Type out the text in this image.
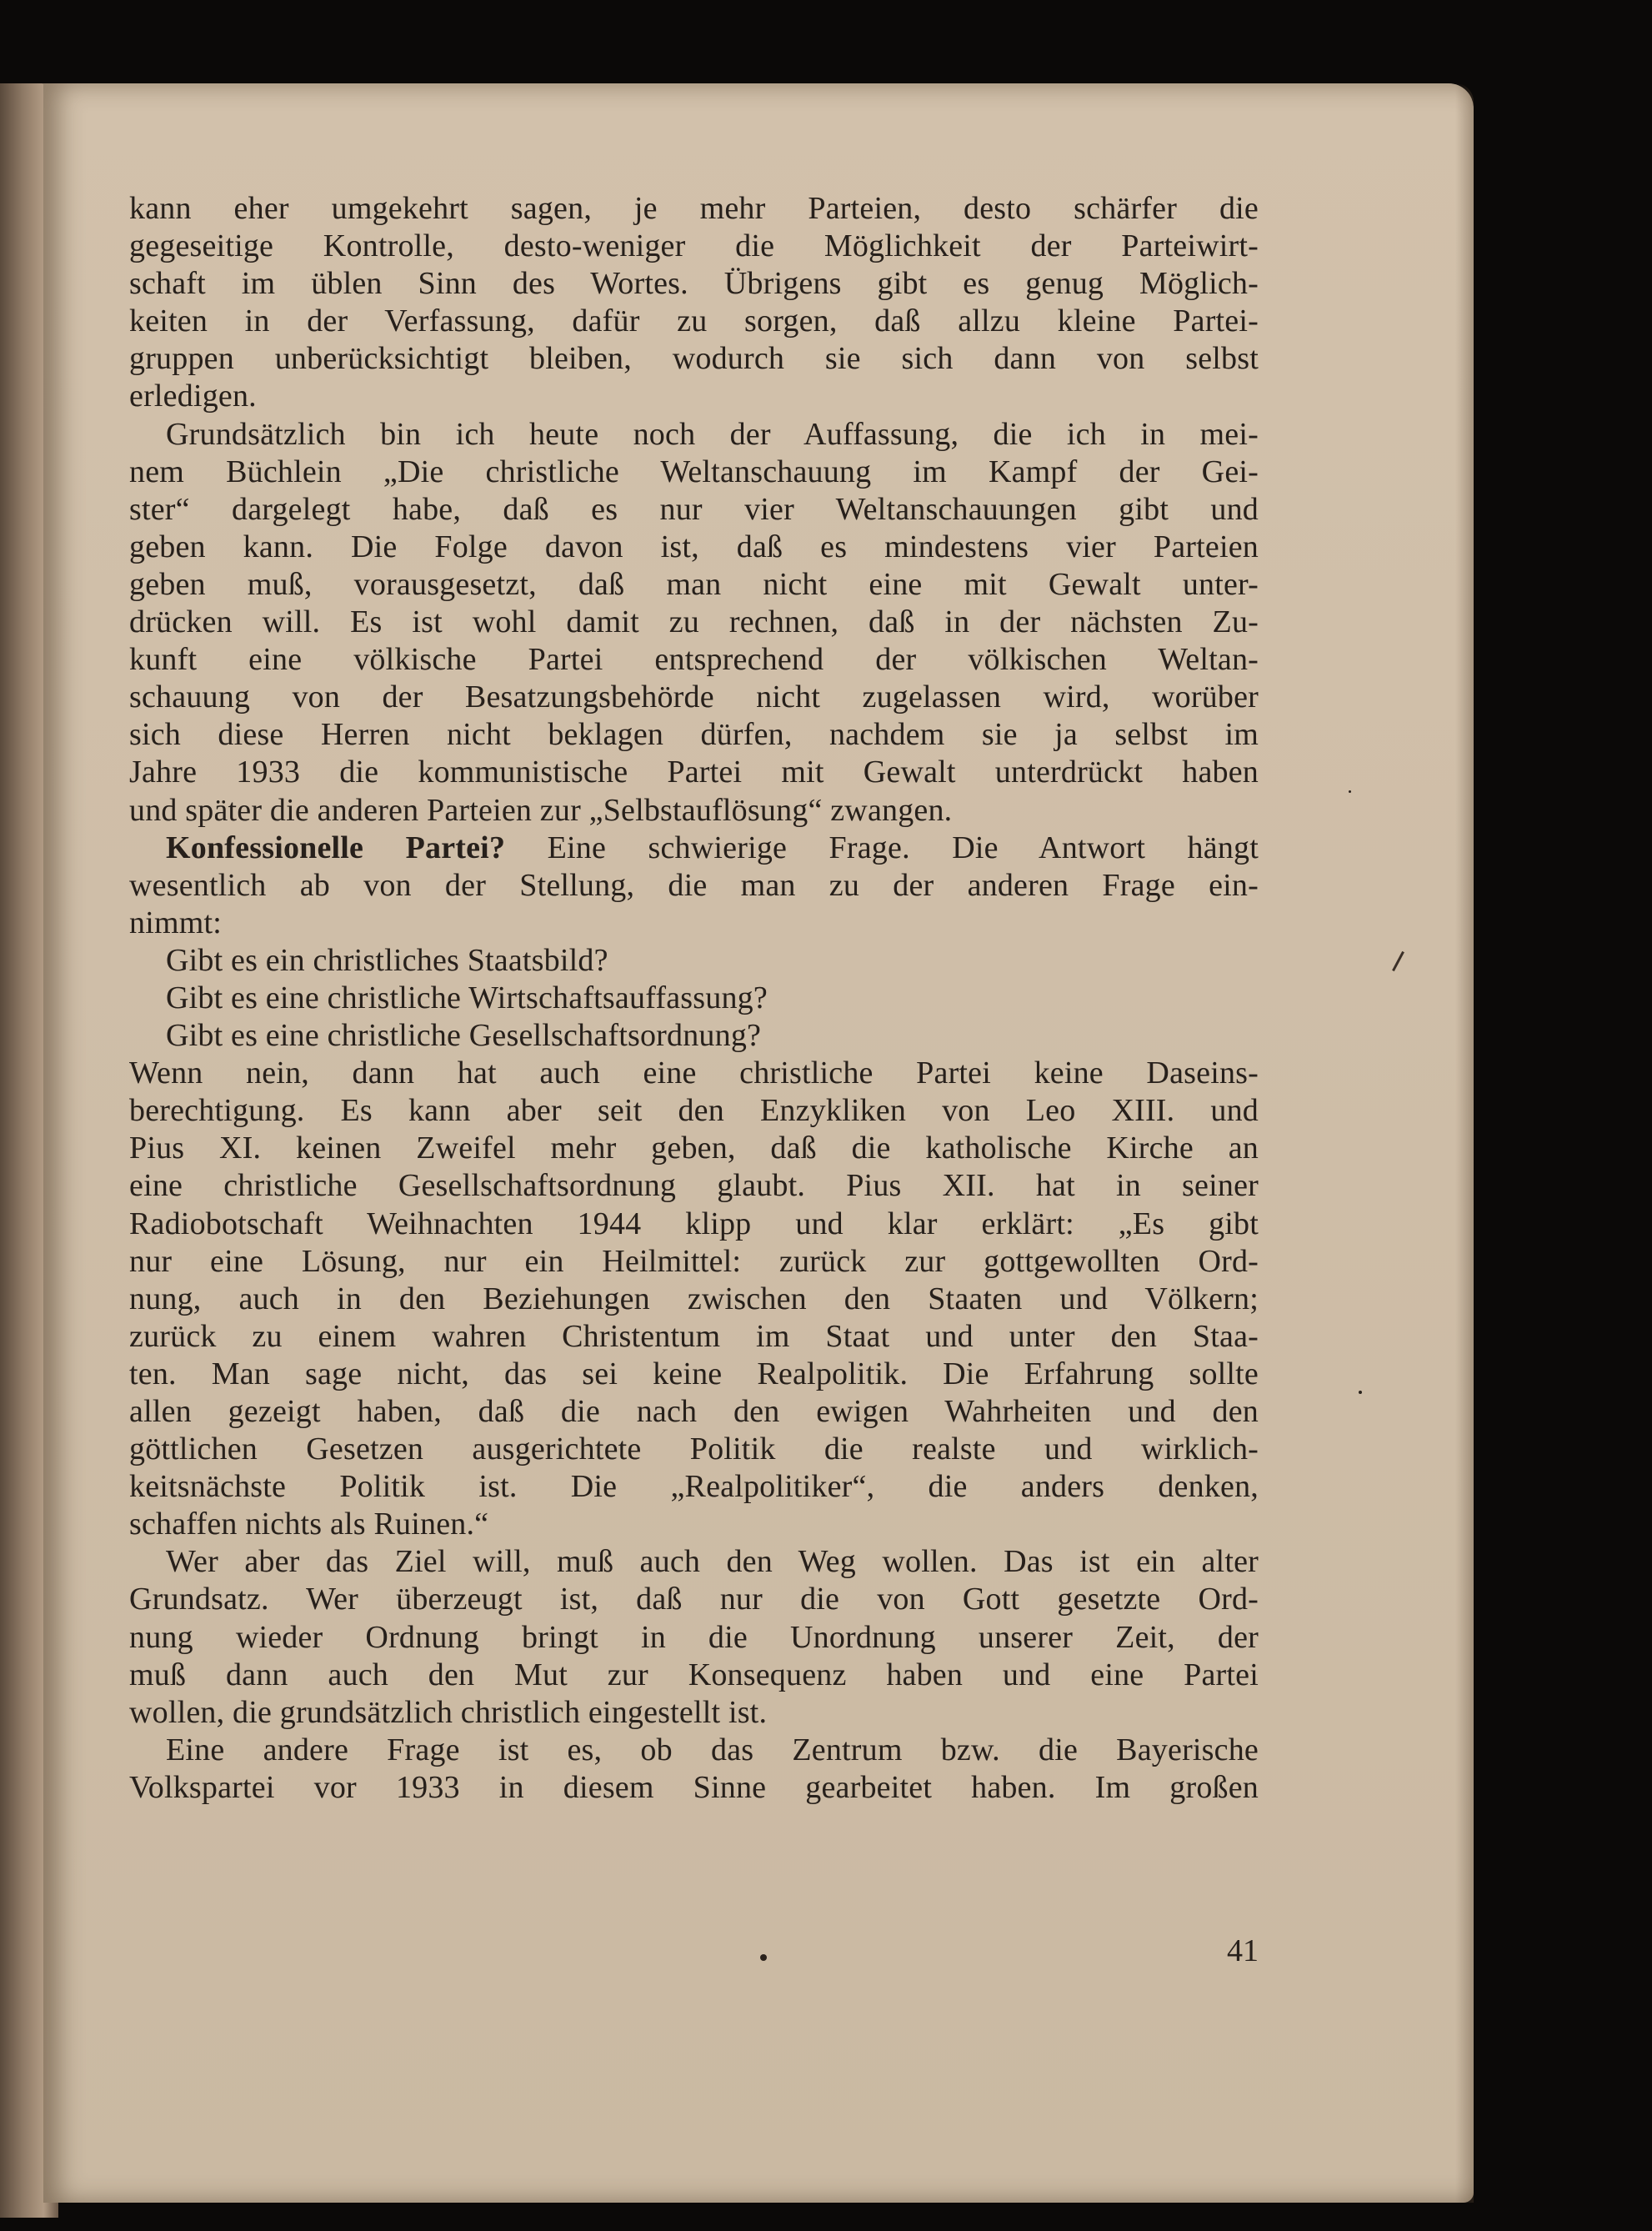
kann eher umgekehrt sagen, je mehr Parteien, desto schärfer die
gegeseitige Kontrolle, desto-weniger die Möglichkeit der Parteiwirt-
schaft im üblen Sinn des Wortes. Übrigens gibt es genug Möglich-
keiten in der Verfassung, dafür zu sorgen, daß allzu kleine Partei-
gruppen unberücksichtigt bleiben, wodurch sie sich dann von selbst
erledigen.
Grundsätzlich bin ich heute noch der Auffassung, die ich in mei-
nem Büchlein „Die christliche Weltanschauung im Kampf der Gei-
ster“ dargelegt habe, daß es nur vier Weltanschauungen gibt und
geben kann. Die Folge davon ist, daß es mindestens vier Parteien
geben muß, vorausgesetzt, daß man nicht eine mit Gewalt unter-
drücken will. Es ist wohl damit zu rechnen, daß in der nächsten Zu-
kunft eine völkische Partei entsprechend der völkischen Weltan-
schauung von der Besatzungsbehörde nicht zugelassen wird, worüber
sich diese Herren nicht beklagen dürfen, nachdem sie ja selbst im
Jahre 1933 die kommunistische Partei mit Gewalt unterdrückt haben
und später die anderen Parteien zur „Selbstauflösung“ zwangen.
Konfessionelle Partei? Eine schwierige Frage. Die Antwort hängt
wesentlich ab von der Stellung, die man zu der anderen Frage ein-
nimmt:
Gibt es ein christliches Staatsbild?
Gibt es eine christliche Wirtschaftsauffassung?
Gibt es eine christliche Gesellschaftsordnung?
Wenn nein, dann hat auch eine christliche Partei keine Daseins-
berechtigung. Es kann aber seit den Enzykliken von Leo XIII. und
Pius XI. keinen Zweifel mehr geben, daß die katholische Kirche an
eine christliche Gesellschaftsordnung glaubt. Pius XII. hat in seiner
Radiobotschaft Weihnachten 1944 klipp und klar erklärt: „Es gibt
nur eine Lösung, nur ein Heilmittel: zurück zur gottgewollten Ord-
nung, auch in den Beziehungen zwischen den Staaten und Völkern;
zurück zu einem wahren Christentum im Staat und unter den Staa-
ten. Man sage nicht, das sei keine Realpolitik. Die Erfahrung sollte
allen gezeigt haben, daß die nach den ewigen Wahrheiten und den
göttlichen Gesetzen ausgerichtete Politik die realste und wirklich-
keitsnächste Politik ist. Die „Realpolitiker“, die anders denken,
schaffen nichts als Ruinen.“
Wer aber das Ziel will, muß auch den Weg wollen. Das ist ein alter
Grundsatz. Wer überzeugt ist, daß nur die von Gott gesetzte Ord-
nung wieder Ordnung bringt in die Unordnung unserer Zeit, der
muß dann auch den Mut zur Konsequenz haben und eine Partei
wollen, die grundsätzlich christlich eingestellt ist.
Eine andere Frage ist es, ob das Zentrum bzw. die Bayerische
Volkspartei vor 1933 in diesem Sinne gearbeitet haben. Im großen
41
